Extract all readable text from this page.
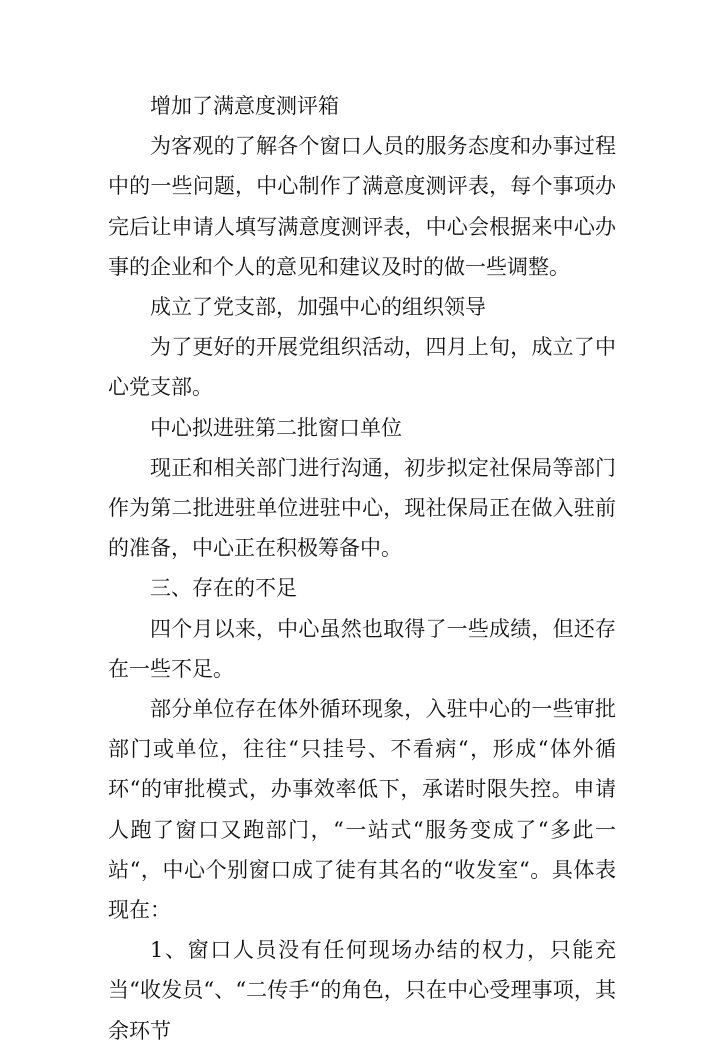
增加了满意度测评箱

为客观的了解各个窗口人员的服务态度和办事过程中的一些问题，中心制作了满意度测评表，每个事项办完后让申请人填写满意度测评表，中心会根据来中心办事的企业和个人的意见和建议及时的做一些调整。

成立了党支部，加强中心的组织领导

为了更好的开展党组织活动，四月上旬，成立了中心党支部。

中心拟进驻第二批窗口单位

现正和相关部门进行沟通，初步拟定社保局等部门作为第二批进驻单位进驻中心，现社保局正在做入驻前的准备，中心正在积极筹备中。

三、存在的不足

四个月以来，中心虽然也取得了一些成绩，但还存在一些不足。

部分单位存在体外循环现象，入驻中心的一些审批部门或单位，往往“只挂号、不看病“，形成“体外循环“的审批模式，办事效率低下，承诺时限失控。申请人跑了窗口又跑部门，“一站式“服务变成了“多此一站“，中心个别窗口成了徒有其名的“收发室“。具体表现在：

1、窗口人员没有任何现场办结的权力，只能充当“收发员“、“二传手“的角色，只在中心受理事项，其余环节
